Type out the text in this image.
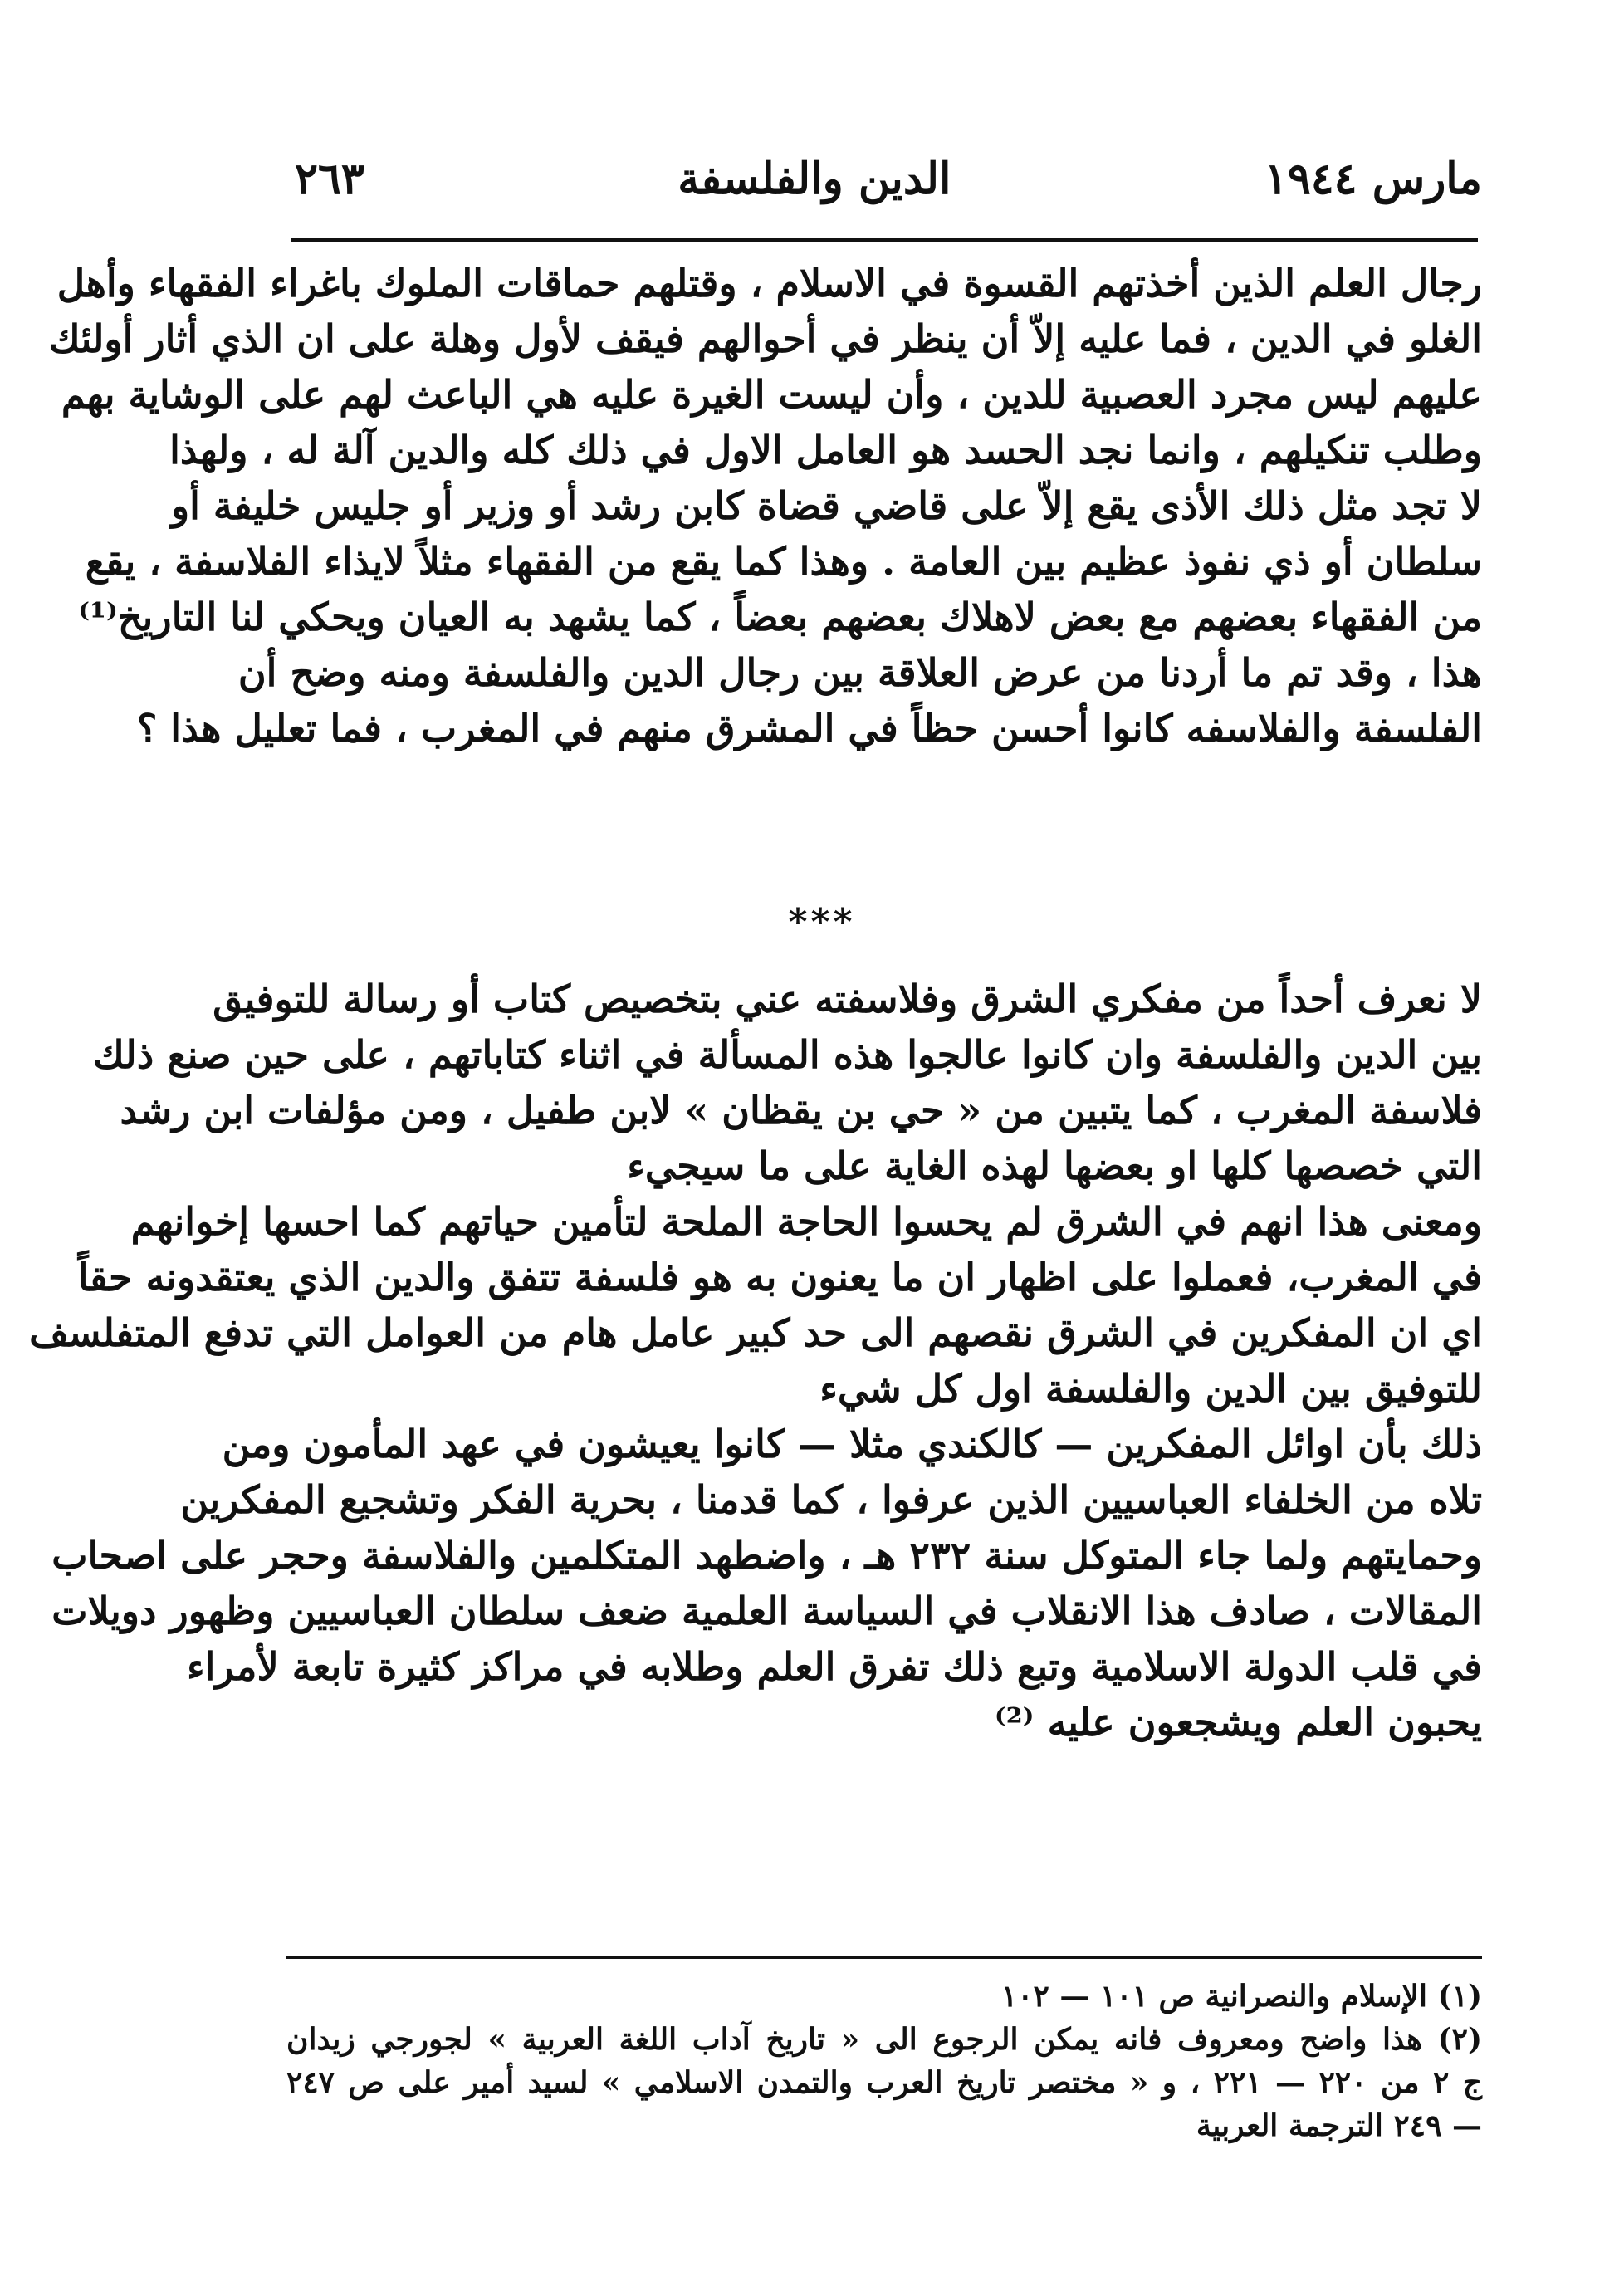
مارس ١٩٤٤
الدين والفلسفة
٢٦٣
رجال العلم الذين أخذتهم القسوة في الاسلام ، وقتلهم حماقات الملوك باغراء الفقهاء وأهل
الغلو في الدين ، فما عليه إلاّ أن ينظر في أحوالهم فيقف لأول وهلة على ان الذي أثار أولئك
عليهم ليس مجرد العصبية للدين ، وأن ليست الغيرة عليه هي الباعث لهم على الوشاية بهم
وطلب تنكيلهم ، وانما نجد الحسد هو العامل الاول في ذلك كله والدين آلة له ، ولهذا
لا تجد مثل ذلك الأذى يقع إلاّ على قاضي قضاة كابن رشد أو وزير أو جليس خليفة أو
سلطان أو ذي نفوذ عظيم بين العامة . وهذا كما يقع من الفقهاء مثلاً لايذاء الفلاسفة ، يقع
من الفقهاء بعضهم مع بعض لاهلاك بعضهم بعضاً ، كما يشهد به العيان ويحكي لنا التاريخ⁽¹⁾
هذا ، وقد تم ما أردنا من عرض العلاقة بين رجال الدين والفلسفة ومنه وضح أن
الفلسفة والفلاسفه كانوا أحسن حظاً في المشرق منهم في المغرب ، فما تعليل هذا ؟
***
لا نعرف أحداً من مفكري الشرق وفلاسفته عني بتخصيص كتاب أو رسالة للتوفيق
بين الدين والفلسفة وان كانوا عالجوا هذه المسألة في اثناء كتاباتهم ، على حين صنع ذلك
فلاسفة المغرب ، كما يتبين من « حي بن يقظان » لابن طفيل ، ومن مؤلفات ابن رشد
التي خصصها كلها او بعضها لهذه الغاية على ما سيجيء
ومعنى هذا انهم في الشرق لم يحسوا الحاجة الملحة لتأمين حياتهم كما احسها إخوانهم
في المغرب، فعملوا على اظهار ان ما يعنون به هو فلسفة تتفق والدين الذي يعتقدونه حقاً
اي ان المفكرين في الشرق نقصهم الى حد كبير عامل هام من العوامل التي تدفع المتفلسف
للتوفيق بين الدين والفلسفة اول كل شيء
ذلك بأن اوائل المفكرين — كالكندي مثلا — كانوا يعيشون في عهد المأمون ومن
تلاه من الخلفاء العباسيين الذين عرفوا ، كما قدمنا ، بحرية الفكر وتشجيع المفكرين
وحمايتهم ولما جاء المتوكل سنة ٢٣٢ هـ ، واضطهد المتكلمين والفلاسفة وحجر على اصحاب
المقالات ، صادف هذا الانقلاب في السياسة العلمية ضعف سلطان العباسيين وظهور دويلات
في قلب الدولة الاسلامية وتبع ذلك تفرق العلم وطلابه في مراكز كثيرة تابعة لأمراء
يحبون العلم ويشجعون عليه ⁽²⁾
(١) الإسلام والنصرانية ص ١٠١ — ١٠٢
(٢) هذا واضح ومعروف فانه يمكن الرجوع الى « تاريخ آداب اللغة العربية » لجورجي زيدان
ج ٢ من ٢٢٠ — ٢٢١ ، و « مختصر تاريخ العرب والتمدن الاسلامي » لسيد أمير على ص ٢٤٧
— ٢٤٩ الترجمة العربية
